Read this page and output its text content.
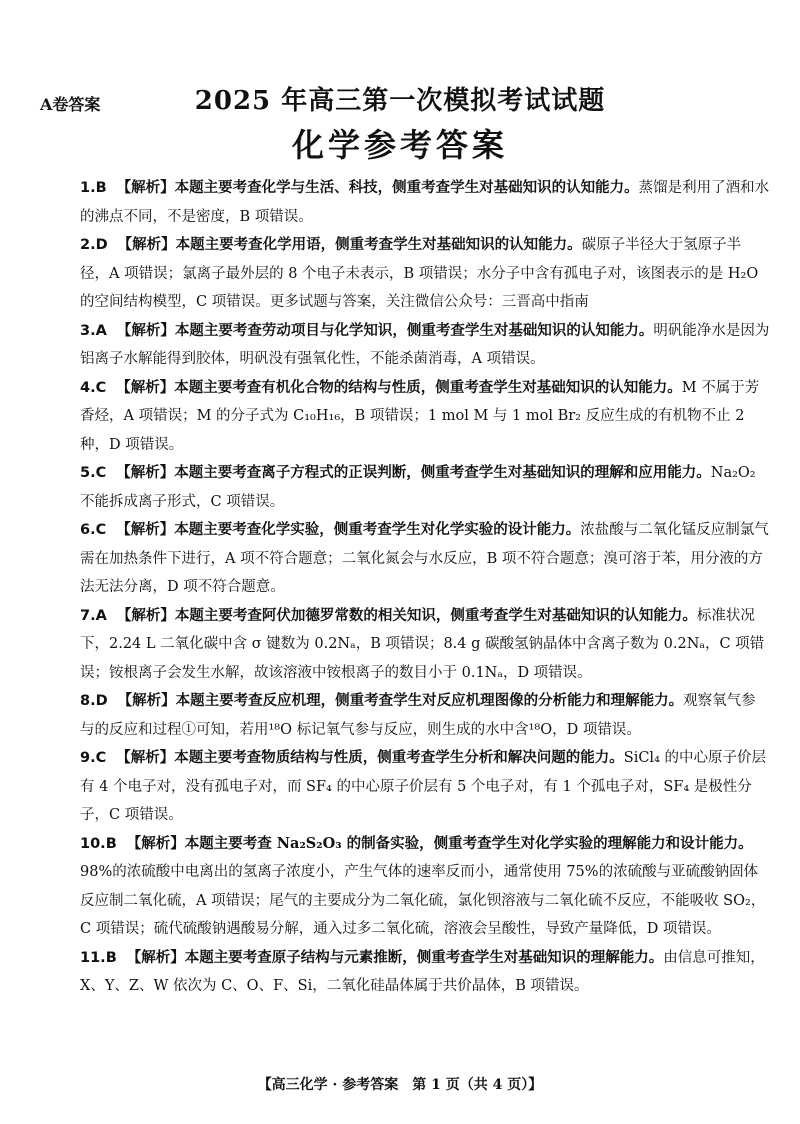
A卷答案	2025 年高三第一次模拟考试试题
化学参考答案

1.B 【解析】本题主要考查化学与生活、科技，侧重考查学生对基础知识的认知能力。蒸馏是利用了酒和水的沸点不同，不是密度，B 项错误。

2.D 【解析】本题主要考查化学用语，侧重考查学生对基础知识的认知能力。碳原子半径大于氢原子半径，A 项错误；氯离子最外层的 8 个电子未表示，B 项错误；水分子中含有孤电子对，该图表示的是 H₂O 的空间结构模型，C 项错误。更多试题与答案，关注微信公众号：三晋高中指南

3.A 【解析】本题主要考查劳动项目与化学知识，侧重考查学生对基础知识的认知能力。明矾能净水是因为铝离子水解能得到胶体，明矾没有强氧化性，不能杀菌消毒，A 项错误。

4.C 【解析】本题主要考查有机化合物的结构与性质，侧重考查学生对基础知识的认知能力。M 不属于芳香烃，A 项错误；M 的分子式为 C₁₀H₁₆，B 项错误；1 mol M 与 1 mol Br₂ 反应生成的有机物不止 2 种，D 项错误。

5.C 【解析】本题主要考查离子方程式的正误判断，侧重考查学生对基础知识的理解和应用能力。Na₂O₂ 不能拆成离子形式，C 项错误。

6.C 【解析】本题主要考查化学实验，侧重考查学生对化学实验的设计能力。浓盐酸与二氧化锰反应制氯气需在加热条件下进行，A 项不符合题意；二氧化氮会与水反应，B 项不符合题意；溴可溶于苯，用分液的方法无法分离，D 项不符合题意。

7.A 【解析】本题主要考查阿伏加德罗常数的相关知识，侧重考查学生对基础知识的认知能力。标准状况下，2.24 L 二氧化碳中含 σ 键数为 0.2Nₐ，B 项错误；8.4 g 碳酸氢钠晶体中含离子数为 0.2Nₐ，C 项错误；铵根离子会发生水解，故该溶液中铵根离子的数目小于 0.1Nₐ，D 项错误。

8.D 【解析】本题主要考查反应机理，侧重考查学生对反应机理图像的分析能力和理解能力。观察氧气参与的反应和过程①可知，若用¹⁸O 标记氧气参与反应，则生成的水中含¹⁸O，D 项错误。

9.C 【解析】本题主要考查物质结构与性质，侧重考查学生分析和解决问题的能力。SiCl₄ 的中心原子价层有 4 个电子对，没有孤电子对，而 SF₄ 的中心原子价层有 5 个电子对，有 1 个孤电子对，SF₄ 是极性分子，C 项错误。

10.B 【解析】本题主要考查 Na₂S₂O₃ 的制备实验，侧重考查学生对化学实验的理解能力和设计能力。98%的浓硫酸中电离出的氢离子浓度小，产生气体的速率反而小，通常使用 75%的浓硫酸与亚硫酸钠固体反应制二氧化硫，A 项错误；尾气的主要成分为二氧化硫，氯化钡溶液与二氧化硫不反应，不能吸收 SO₂，C 项错误；硫代硫酸钠遇酸易分解，通入过多二氧化硫，溶液会呈酸性，导致产量降低，D 项错误。

11.B 【解析】本题主要考查原子结构与元素推断，侧重考查学生对基础知识的理解能力。由信息可推知，X、Y、Z、W 依次为 C、O、F、Si，二氧化硅晶体属于共价晶体，B 项错误。

【高三化学 · 参考答案　第 1 页（共 4 页）】
